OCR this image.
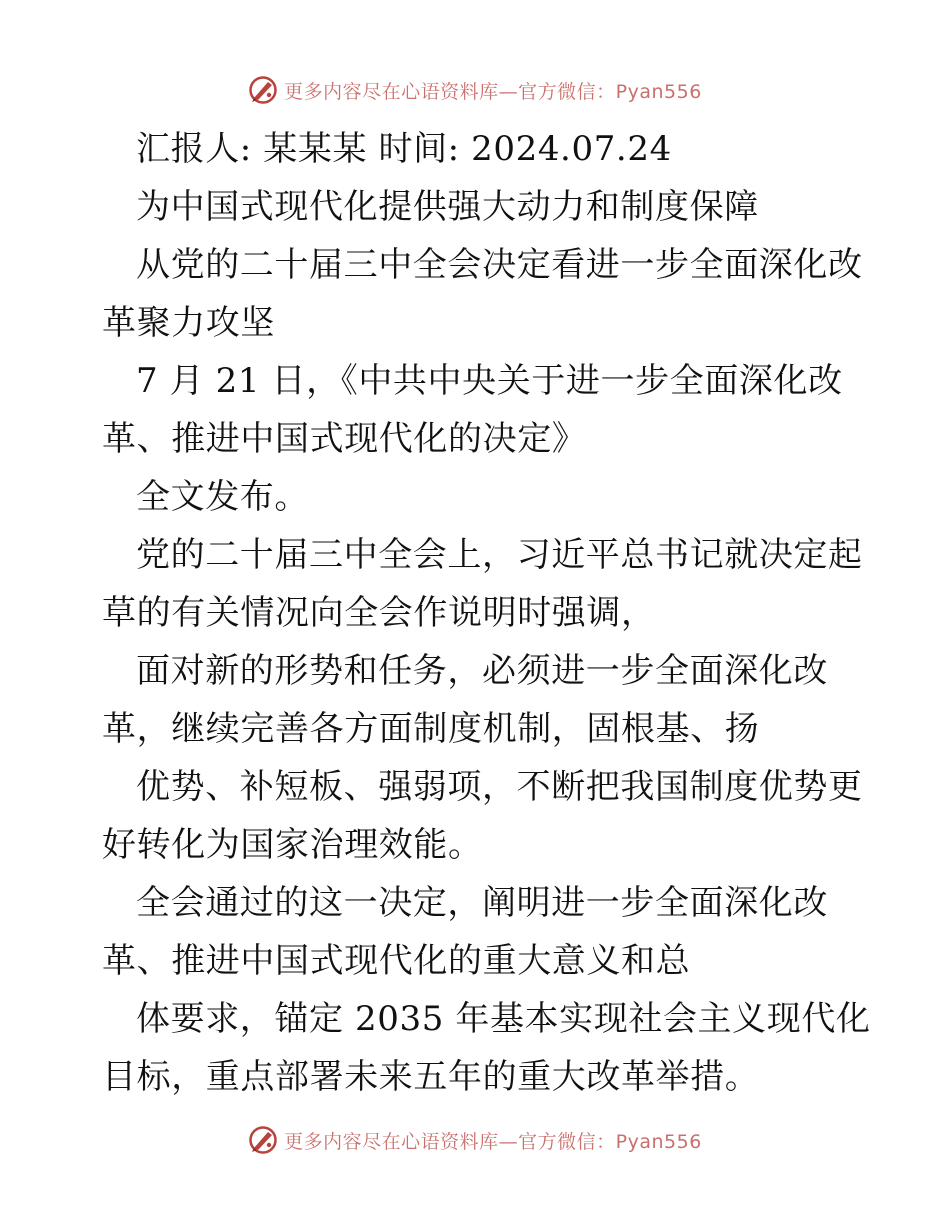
更多内容尽在心语资料库—官方微信：Pyan556
汇报人: 某某某 时间: 2024.07.24
为中国式现代化提供强大动力和制度保障
从党的二十届三中全会决定看进一步全面深化改
革聚力攻坚
7 月 21 日，《中共中央关于进一步全面深化改
革、推进中国式现代化的决定》
全文发布。
党的二十届三中全会上，习近平总书记就决定起
草的有关情况向全会作说明时强调，
面对新的形势和任务，必须进一步全面深化改
革，继续完善各方面制度机制，固根基、扬
优势、补短板、强弱项，不断把我国制度优势更
好转化为国家治理效能。
全会通过的这一决定，阐明进一步全面深化改
革、推进中国式现代化的重大意义和总
体要求，锚定 2035 年基本实现社会主义现代化
目标，重点部署未来五年的重大改革举措。
更多内容尽在心语资料库—官方微信：Pyan556
